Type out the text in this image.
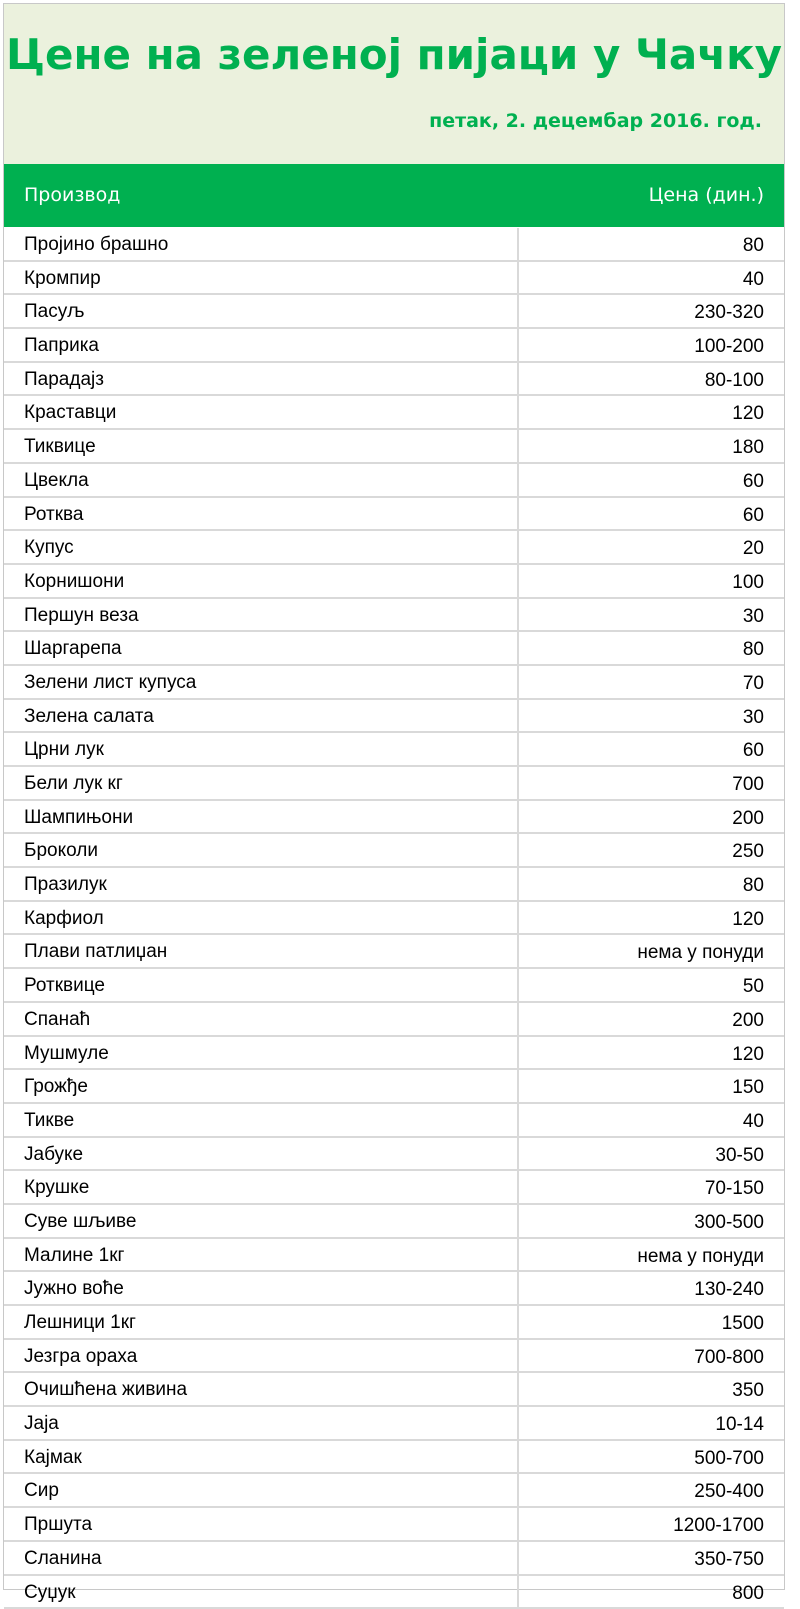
Цене на зеленој пијаци у Чачку
петак, 2. децембар 2016. год.
Производ	Цена (дин.)
Пројино брашно	80
Кромпир	40
Пасуљ	230-320
Паприка	100-200
Парадајз	80-100
Краставци	120
Тиквице	180
Цвекла	60
Ротква	60
Купус	20
Корнишони	100
Першун веза	30
Шаргарепа	80
Зелени лист купуса	70
Зелена салата	30
Црни лук	60
Бели лук кг	700
Шампињони	200
Броколи	250
Празилук	80
Карфиол	120
Плави патлиџан	нема у понуди
Ротквице	50
Спанаћ	200
Мушмуле	120
Грожђе	150
Тикве	40
Јабуке	30-50
Крушке	70-150
Суве шљиве	300-500
Малине 1кг	нема у понуди
Јужно воће	130-240
Лешници 1кг	1500
Језгра ораха	700-800
Очишћена живина	350
Јаја	10-14
Кајмак	500-700
Сир	250-400
Пршута	1200-1700
Сланина	350-750
Суџук	800
